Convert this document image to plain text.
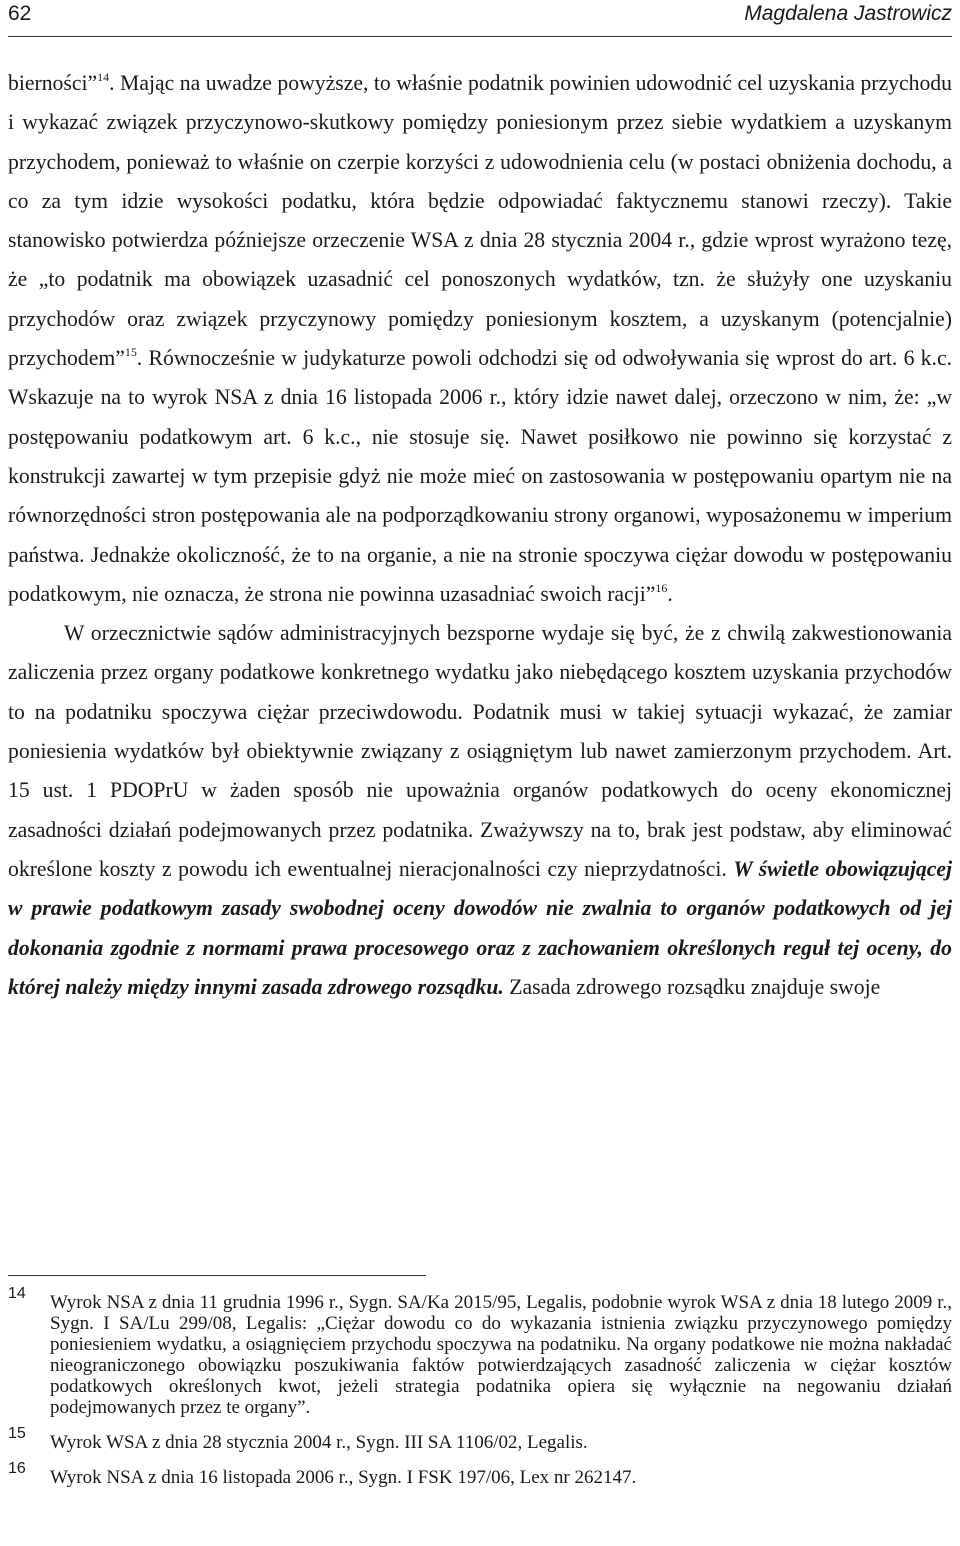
62	Magdalena Jastrowicz

bierności”$^{14}$. Mając na uwadze powyższe, to właśnie podatnik powinien udowodnić cel uzyskania przychodu i wykazać związek przyczynowo-skutkowy pomiędzy poniesionym przez siebie wydatkiem a uzyskanym przychodem, ponieważ to właśnie on czerpie korzyści z udowodnienia celu (w postaci obniżenia dochodu, a co za tym idzie wysokości podatku, która będzie odpowiadać faktycznemu stanowi rzeczy). Takie stanowisko potwierdza późniejsze orzeczenie WSA z dnia 28 stycznia 2004 r., gdzie wprost wyrażono tezę, że „to podatnik ma obowiązek uzasadnić cel ponoszonych wydatków, tzn. że służyły one uzyskaniu przychodów oraz związek przyczynowy pomiędzy poniesionym kosztem, a uzyskanym (potencjalnie) przychodem”$^{15}$. Równocześnie w judykaturze powoli odchodzi się od odwoływania się wprost do art. 6 k.c. Wskazuje na to wyrok NSA z dnia 16 listopada 2006 r., który idzie nawet dalej, orzeczono w nim, że: „w postępowaniu podatkowym art. 6 k.c., nie stosuje się. Nawet posiłkowo nie powinno się korzystać z konstrukcji zawartej w tym przepisie gdyż nie może mieć on zastosowania w postępowaniu opartym nie na równorzędności stron postępowania ale na podporządkowaniu strony organowi, wyposażonemu w imperium państwa. Jednakże okoliczność, że to na organie, a nie na stronie spoczywa ciężar dowodu w postępowaniu podatkowym, nie oznacza, że strona nie powinna uzasadniać swoich racji”$^{16}$.

W orzecznictwie sądów administracyjnych bezsporne wydaje się być, że z chwilą zakwestionowania zaliczenia przez organy podatkowe konkretnego wydatku jako niebędącego kosztem uzyskania przychodów to na podatniku spoczywa ciężar przeciwdowodu. Podatnik musi w takiej sytuacji wykazać, że zamiar poniesienia wydatków był obiektywnie związany z osiągniętym lub nawet zamierzonym przychodem. Art. 15 ust. 1 PDOPrU w żaden sposób nie upoważnia organów podatkowych do oceny ekonomicznej zasadności działań podejmowanych przez podatnika. Zważywszy na to, brak jest podstaw, aby eliminować określone koszty z powodu ich ewentualnej nieracjonalności czy nieprzydatności. W świetle obowiązującej w prawie podatkowym zasady swobodnej oceny dowodów nie zwalnia to organów podatkowych od jej dokonania zgodnie z normami prawa procesowego oraz z zachowaniem określonych reguł tej oceny, do której należy między innymi zasada zdrowego rozsądku. Zasada zdrowego rozsądku znajduje swoje

14 Wyrok NSA z dnia 11 grudnia 1996 r., Sygn. SA/Ka 2015/95, Legalis, podobnie wyrok WSA z dnia 18 lutego 2009 r., Sygn. I SA/Lu 299/08, Legalis: „Ciężar dowodu co do wykazania istnienia związku przyczynowego pomiędzy poniesieniem wydatku, a osiągnięciem przychodu spoczywa na podatniku. Na organy podatkowe nie można nakładać nieograniczonego obowiązku poszukiwania faktów potwierdzających zasadność zaliczenia w ciężar kosztów podatkowych określonych kwot, jeżeli strategia podatnika opiera się wyłącznie na negowaniu działań podejmowanych przez te organy”.
15 Wyrok WSA z dnia 28 stycznia 2004 r., Sygn. III SA 1106/02, Legalis.
16 Wyrok NSA z dnia 16 listopada 2006 r., Sygn. I FSK 197/06, Lex nr 262147.
